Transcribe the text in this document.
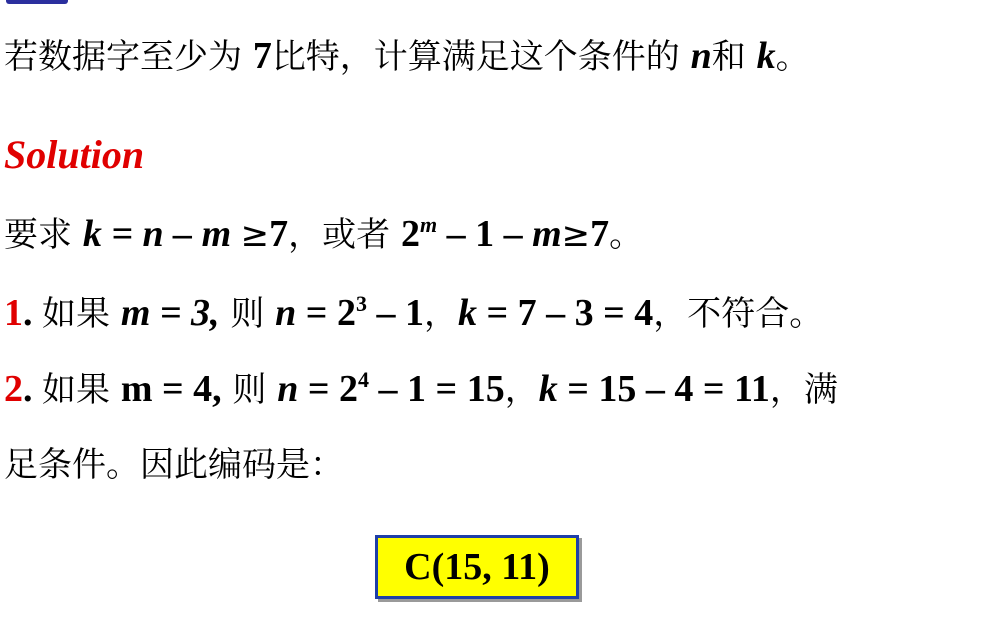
若数据字至少为 7比特，计算满足这个条件的 n和 k。
Solution
要求 k = n – m ≥7，或者 2$^m$ – 1 – m≥7。
1. 如果 m = 3, 则 $n = 2^3 - 1$，k = 7 – 3 = 4，不符合。
2. 如果 m = 4, 则 $n = 2^4 - 1 = 15$，k = 15 – 4 = 11，满
足条件。因此编码是：
C(15, 11)
